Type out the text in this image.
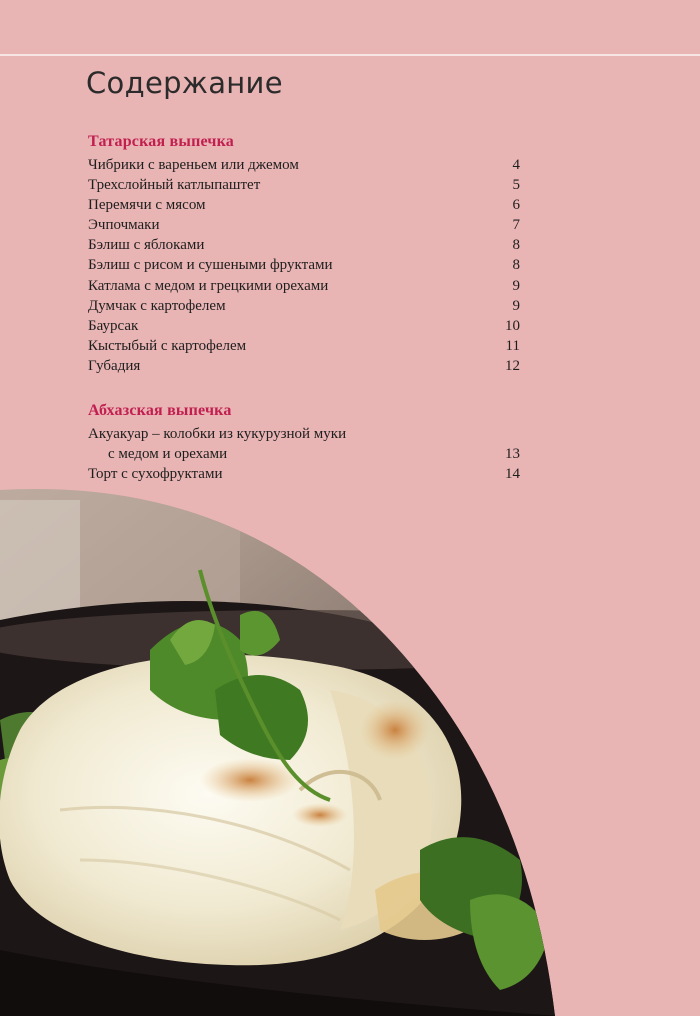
Содержание
Татарская выпечка
Чибрики с вареньем или джемом	4
Трехслойный катлыпаштет	5
Перемячи с мясом	6
Эчпочмаки	7
Бэлиш с яблоками	8
Бэлиш с рисом и сушеными фруктами	8
Катлама с медом и грецкими орехами	9
Думчак с картофелем	9
Баурсак	10
Кыстыбый с картофелем	11
Губадия	12
Абхазская выпечка
Акуакуар – колобки из кукурузной муки
с медом и орехами	13
Торт с сухофруктами	14
